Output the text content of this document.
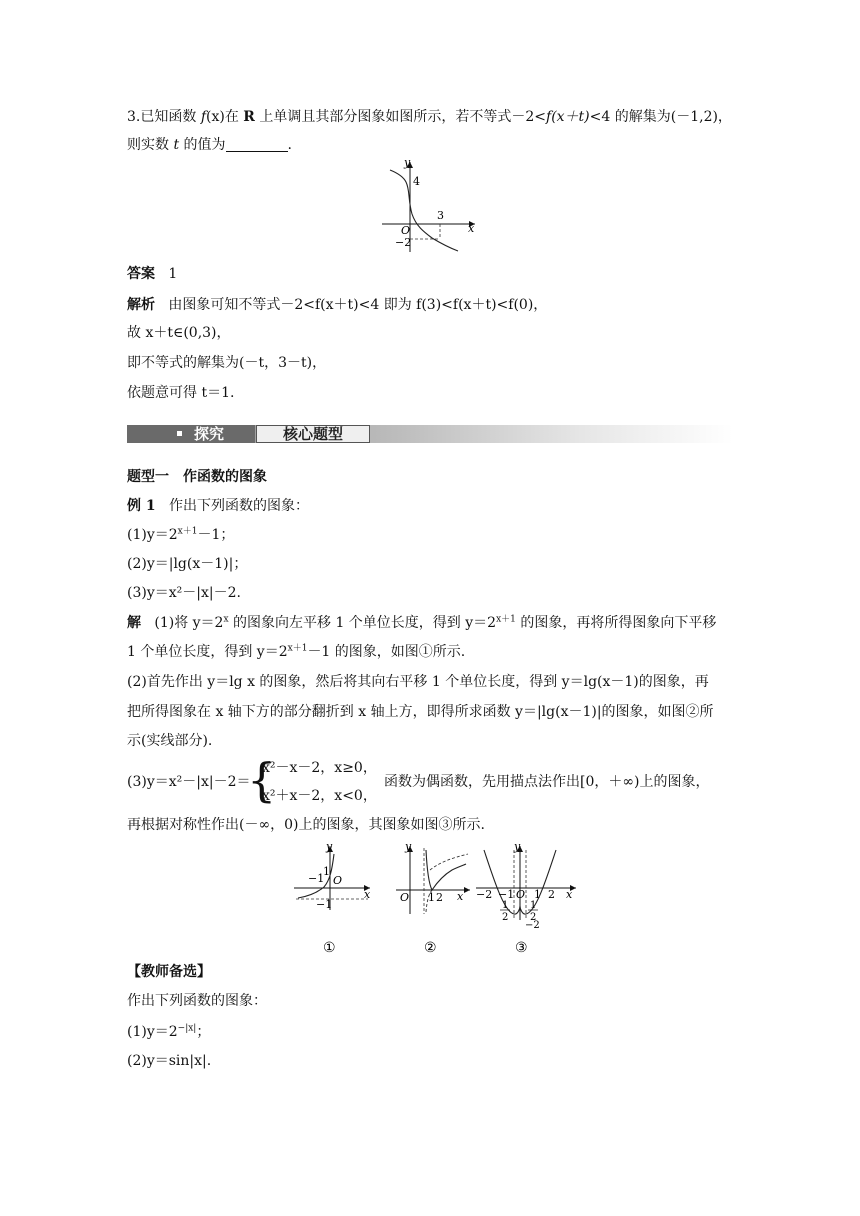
3.已知函数 f(x)在 R 上单调且其部分图象如图所示，若不等式－2<f(x＋t)<4 的解集为(－1,2)，
则实数 t 的值为	.
y
x
4
3
O
−2
答案 1
解析 由图象可知不等式－2<f(x＋t)<4 即为 f(3)<f(x＋t)<f(0)，
故 x＋t∈(0,3)，
即不等式的解集为(－t，3－t)，
依题意可得 t＝1.
探究	核心题型
题型一　作函数的图象
例 1 作出下列函数的图象：
$(1)y=2^{x+1}-1$；
(2)y＝|lg(x－1)|；
(3)y＝x²－|x|－2.
解 (1)将 $y=2^x$ 的图象向左平移 1 个单位长度，得到 $y=2^{x+1}$ 的图象，再将所得图象向下平移
1 个单位长度，得到 $y=2^{x+1}-1$ 的图象，如图①所示.
(2)首先作出 y＝lg x 的图象，然后将其向右平移 1 个单位长度，得到 y＝lg(x－1)的图象，再
把所得图象在 x 轴下方的部分翻折到 x 轴上方，即得所求函数 y＝|lg(x－1)|的图象，如图②所
示(实线部分).
(3)y＝x²－|x|－2＝
{
x²－x－2，x≥0，
x²＋x－2，x<0，
函数为偶函数，先用描点法作出[0，＋∞)上的图象，
再根据对称性作出(－∞，0)上的图象，其图象如图③所示.
y
x
−1
1
O
−1
y
x
O 1 2
y
x
−2 −1 O 1 2
1
2
1
2
−2
①	②	③
【教师备选】
作出下列函数的图象：
$(1)y=2^{-|x|}$；
(2)y＝sin|x|.
